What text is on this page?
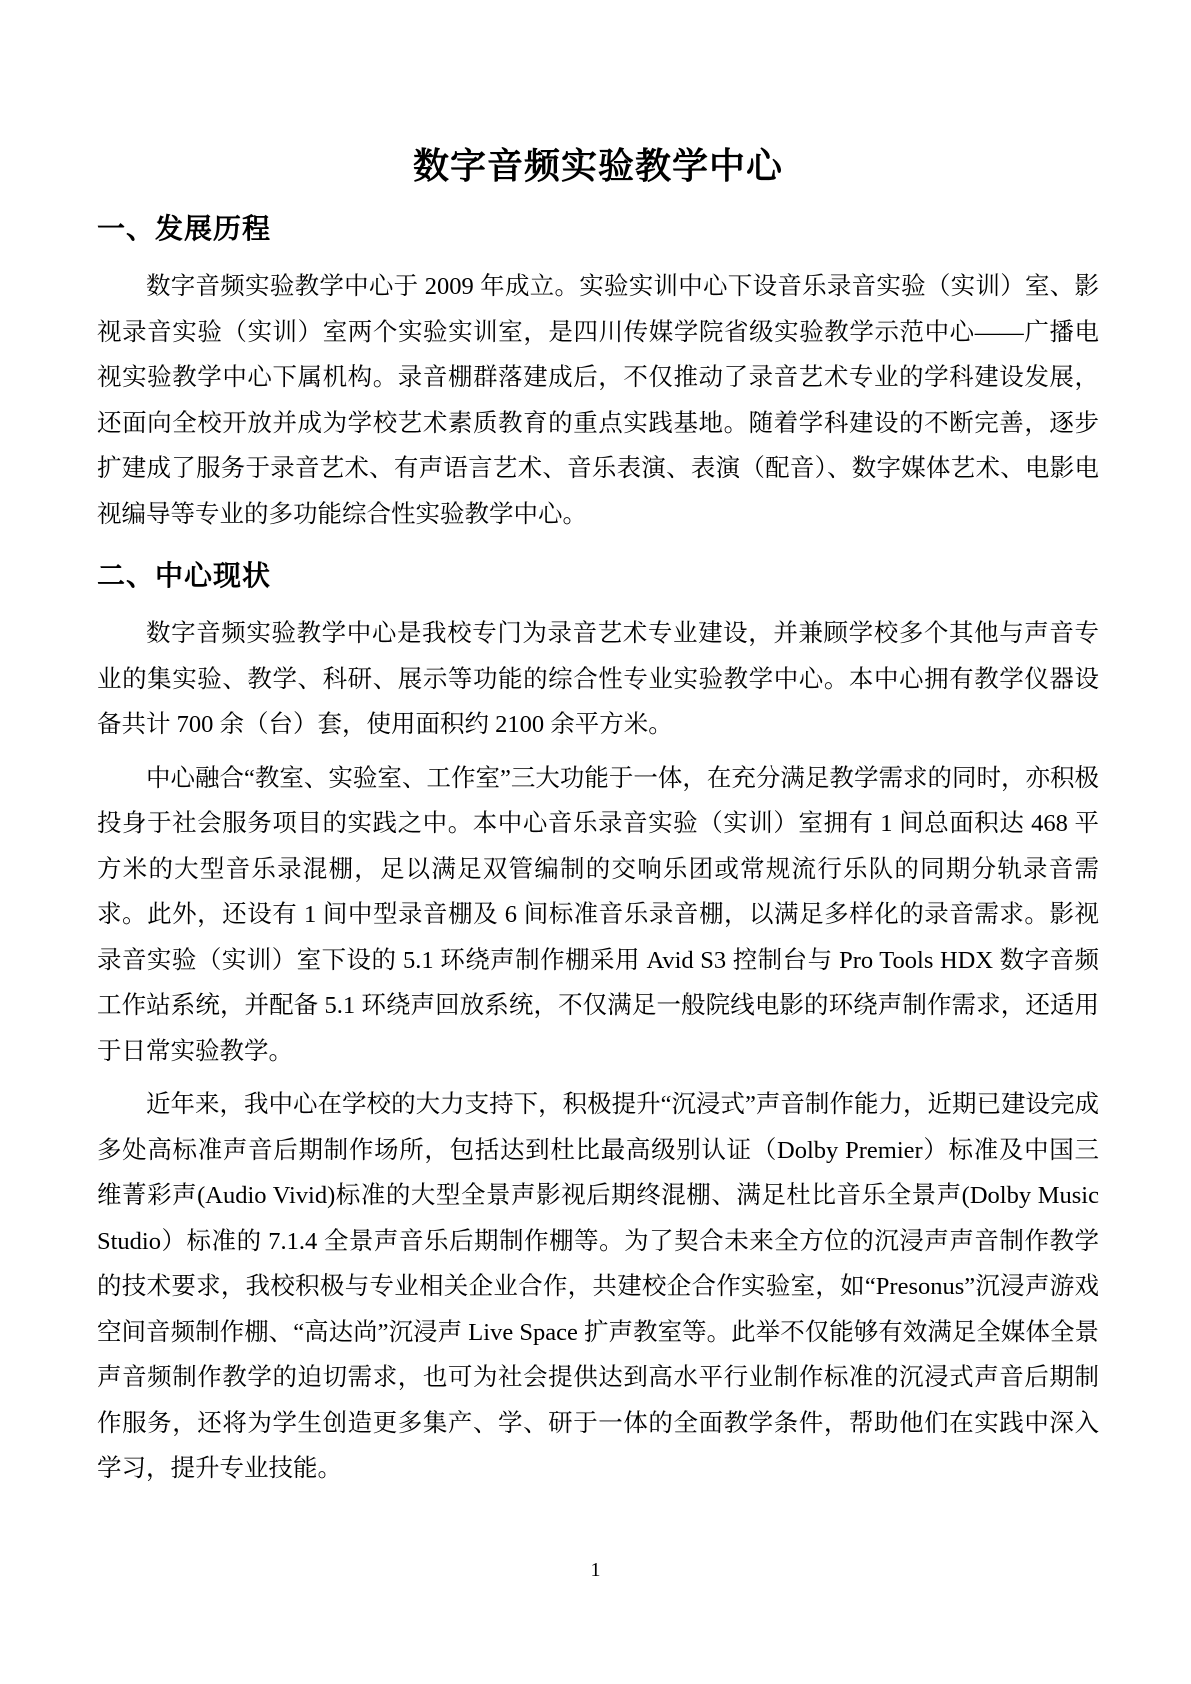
数字音频实验教学中心
一、发展历程

数字音频实验教学中心于 2009 年成立。实验实训中心下设音乐录音实验（实训）室、影视录音实验（实训）室两个实验实训室，是四川传媒学院省级实验教学示范中心——广播电视实验教学中心下属机构。录音棚群落建成后，不仅推动了录音艺术专业的学科建设发展，还面向全校开放并成为学校艺术素质教育的重点实践基地。随着学科建设的不断完善，逐步扩建成了服务于录音艺术、有声语言艺术、音乐表演、表演（配音）、数字媒体艺术、电影电视编导等专业的多功能综合性实验教学中心。

二、中心现状

数字音频实验教学中心是我校专门为录音艺术专业建设，并兼顾学校多个其他与声音专业的集实验、教学、科研、展示等功能的综合性专业实验教学中心。本中心拥有教学仪器设备共计 700 余（台）套，使用面积约 2100 余平方米。

中心融合“教室、实验室、工作室”三大功能于一体，在充分满足教学需求的同时，亦积极投身于社会服务项目的实践之中。本中心音乐录音实验（实训）室拥有 1 间总面积达 468 平方米的大型音乐录混棚，足以满足双管编制的交响乐团或常规流行乐队的同期分轨录音需求。此外，还设有 1 间中型录音棚及 6 间标准音乐录音棚，以满足多样化的录音需求。影视录音实验（实训）室下设的 5.1 环绕声制作棚采用 Avid S3 控制台与 Pro Tools HDX 数字音频工作站系统，并配备 5.1 环绕声回放系统，不仅满足一般院线电影的环绕声制作需求，还适用于日常实验教学。

近年来，我中心在学校的大力支持下，积极提升“沉浸式”声音制作能力，近期已建设完成多处高标准声音后期制作场所，包括达到杜比最高级别认证（Dolby Premier）标准及中国三维菁彩声(Audio Vivid)标准的大型全景声影视后期终混棚、满足杜比音乐全景声(Dolby Music Studio）标准的 7.1.4 全景声音乐后期制作棚等。为了契合未来全方位的沉浸声声音制作教学的技术要求，我校积极与专业相关企业合作，共建校企合作实验室，如“Presonus”沉浸声游戏空间音频制作棚、“高达尚”沉浸声 Live Space 扩声教室等。此举不仅能够有效满足全媒体全景声音频制作教学的迫切需求，也可为社会提供达到高水平行业制作标准的沉浸式声音后期制作服务，还将为学生创造更多集产、学、研于一体的全面教学条件，帮助他们在实践中深入学习，提升专业技能。

1
